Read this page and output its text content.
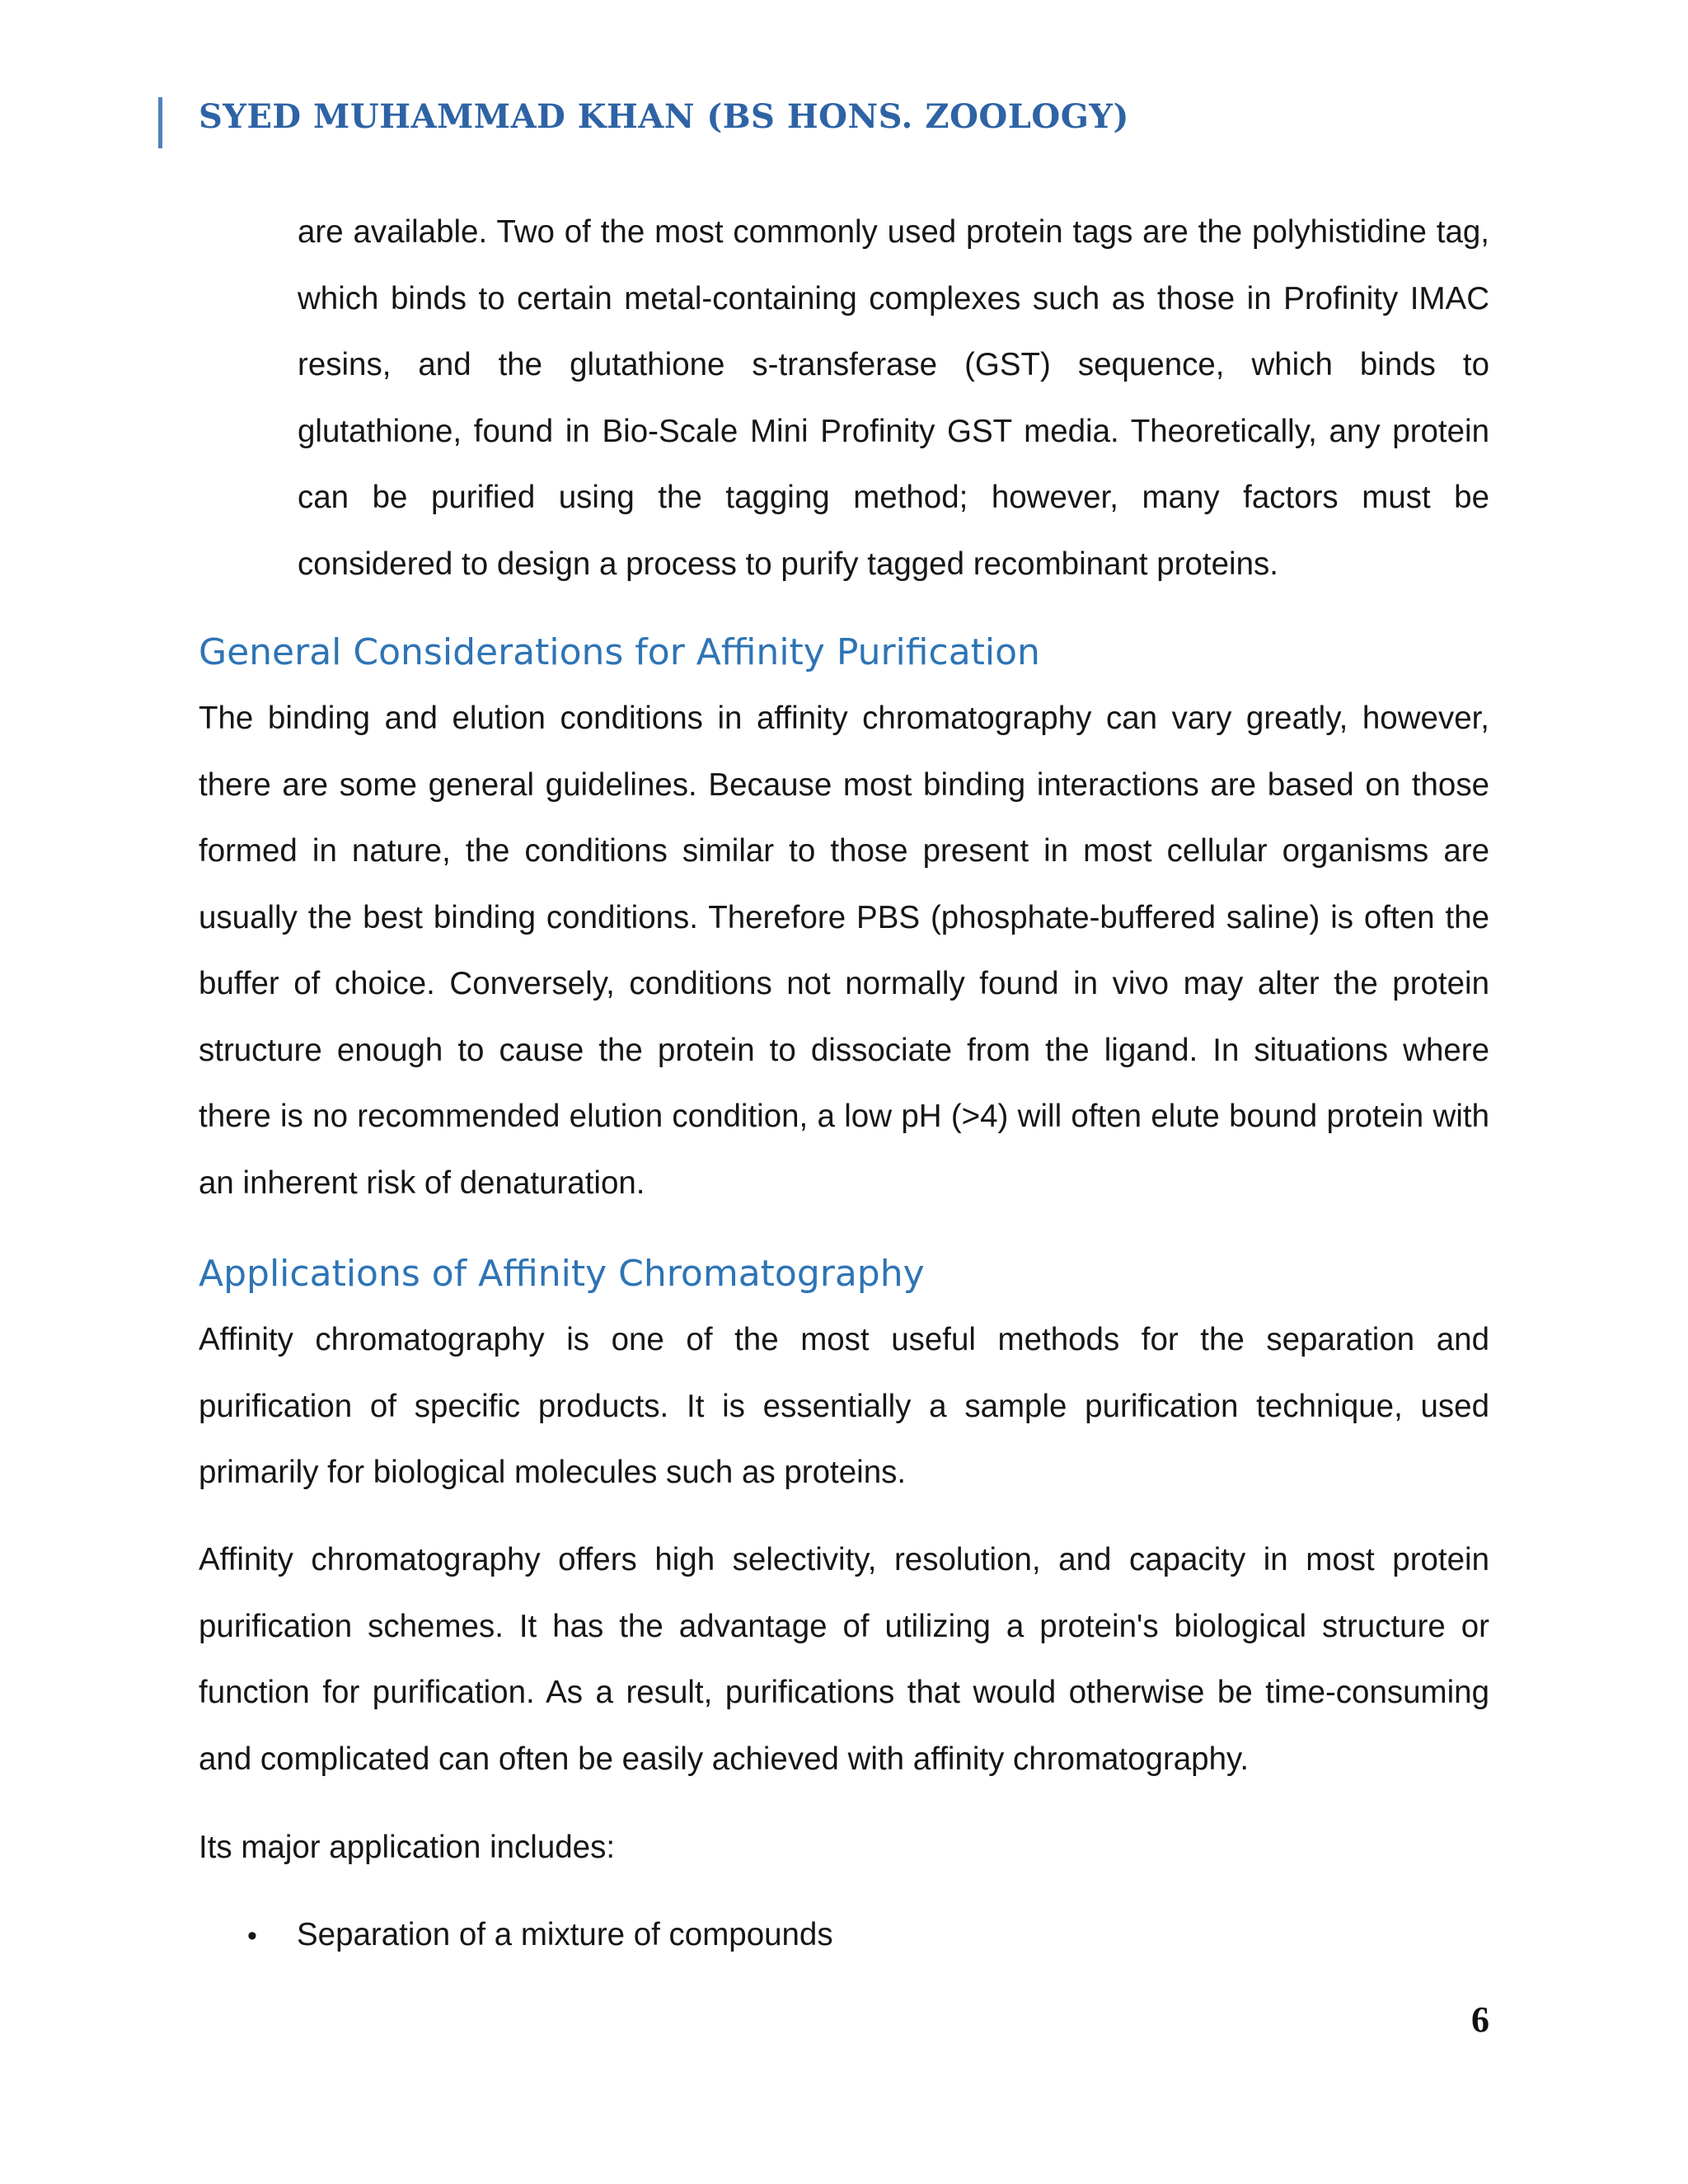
SYED MUHAMMAD KHAN (BS HONS. ZOOLOGY)
are available. Two of the most commonly used protein tags are the polyhistidine tag, which binds to certain metal-containing complexes such as those in Profinity IMAC resins, and the glutathione s-transferase (GST) sequence, which binds to glutathione, found in Bio-Scale Mini Profinity GST media. Theoretically, any protein can be purified using the tagging method; however, many factors must be considered to design a process to purify tagged recombinant proteins.
General Considerations for Affinity Purification
The binding and elution conditions in affinity chromatography can vary greatly, however, there are some general guidelines. Because most binding interactions are based on those formed in nature, the conditions similar to those present in most cellular organisms are usually the best binding conditions. Therefore PBS (phosphate-buffered saline) is often the buffer of choice. Conversely, conditions not normally found in vivo may alter the protein structure enough to cause the protein to dissociate from the ligand. In situations where there is no recommended elution condition, a low pH (>4) will often elute bound protein with an inherent risk of denaturation.
Applications of Affinity Chromatography
Affinity chromatography is one of the most useful methods for the separation and purification of specific products. It is essentially a sample purification technique, used primarily for biological molecules such as proteins.
Affinity chromatography offers high selectivity, resolution, and capacity in most protein purification schemes. It has the advantage of utilizing a protein's biological structure or function for purification. As a result, purifications that would otherwise be time-consuming and complicated can often be easily achieved with affinity chromatography.
Its major application includes:
• Separation of a mixture of compounds
6
